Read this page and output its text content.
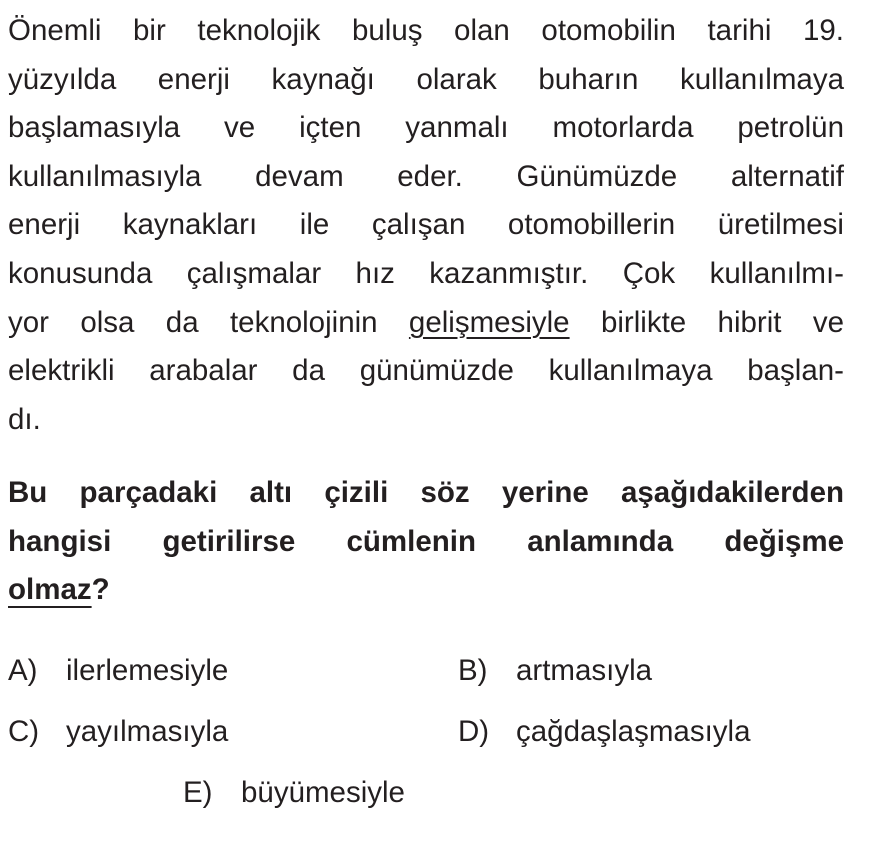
Önemli bir teknolojik buluş olan otomobilin tarihi 19.
yüzyılda enerji kaynağı olarak buharın kullanılmaya
başlamasıyla ve içten yanmalı motorlarda petrolün
kullanılmasıyla devam eder. Günümüzde alternatif
enerji kaynakları ile çalışan otomobillerin üretilmesi
konusunda çalışmalar hız kazanmıştır. Çok kullanılmı-
yor olsa da teknolojinin gelişmesiyle birlikte hibrit ve
elektrikli arabalar da günümüzde kullanılmaya başlan-
dı.
Bu parçadaki altı çizili söz yerine aşağıdakilerden
hangisi getirilirse cümlenin anlamında değişme
olmaz?
A) ilerlemesiyle	B) artmasıyla
C) yayılmasıyla	D) çağdaşlaşmasıyla
E) büyümesiyle
